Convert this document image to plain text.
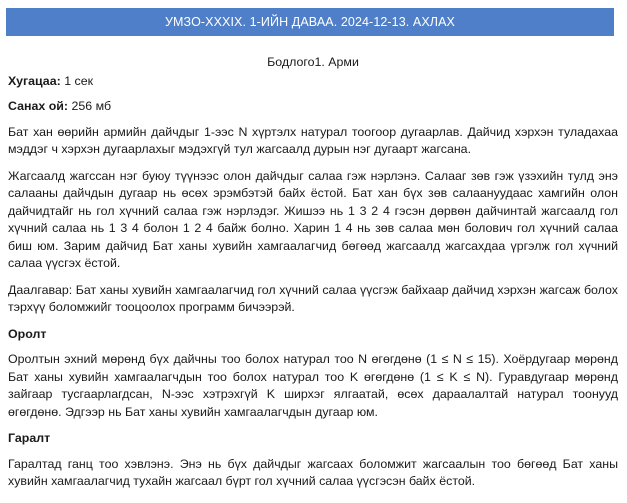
УМЗО-XXXIX. 1-ИЙН ДАВАА. 2024-12-13. АХЛАХ
Бодлого1. Арми
Хугацаа: 1 сек
Санах ой: 256 мб

Бат хан өөрийн армийн дайчдыг 1-ээс N хүртэлх натурал тоогоор дугаарлав. Дайчид хэрхэн туладахаа мэддэг ч хэрхэн дугаарлахыг мэдэхгүй тул жагсаалд дурын нэг дугаарт жагсана.

Жагсаалд жагссан нэг буюу түүнээс олон дайчдыг салаа гэж нэрлэнэ. Салааг зөв гэж үзэхийн тулд энэ салааны дайчдын дугаар нь өсөх эрэмбэтэй байх ёстой. Бат хан бүх зөв салаануудаас хамгийн олон дайчидтайг нь гол хүчний салаа гэж нэрлэдэг. Жишээ нь 1 3 2 4 гэсэн дөрвөн дайчинтай жагсаалд гол хүчний салаа нь 1 3 4 болон 1 2 4 байж болно. Харин 1 4 нь зөв салаа мөн болович гол хүчний салаа биш юм. Зарим дайчид Бат ханы хувийн хамгаалагчид бөгөөд жагсаалд жагсахдаа үргэлж гол хүчний салаа үүсгэх ёстой.

Даалгавар: Бат ханы хувийн хамгаалагчид гол хүчний салаа үүсгэж байхаар дайчид хэрхэн жагсаж болох тэрхүү боломжийг тооцоолох программ бичээрэй.

Оролт

Оролтын эхний мөрөнд бүх дайчны тоо болох натурал тоо N өгөгдөнө (1 ≤ N ≤ 15). Хоёрдугаар мөрөнд Бат ханы хувийн хамгаалагчдын тоо болох натурал тоо K өгөгдөнө (1 ≤ K ≤ N). Гуравдугаар мөрөнд зайгаар тусгаарлагдсан, N-ээс хэтрэхгүй K ширхэг ялгаатай, өсөх дараалалтай натурал тоонууд өгөгдөнө. Эдгээр нь Бат ханы хувийн хамгаалагчдын дугаар юм.

Гаралт

Гаралтад ганц тоо хэвлэнэ. Энэ нь бүх дайчдыг жагсаах боломжит жагсаалын тоо бөгөөд Бат ханы хувийн хамгаалагчид тухайн жагсаал бүрт гол хүчний салаа үүсгэсэн байх ёстой.
